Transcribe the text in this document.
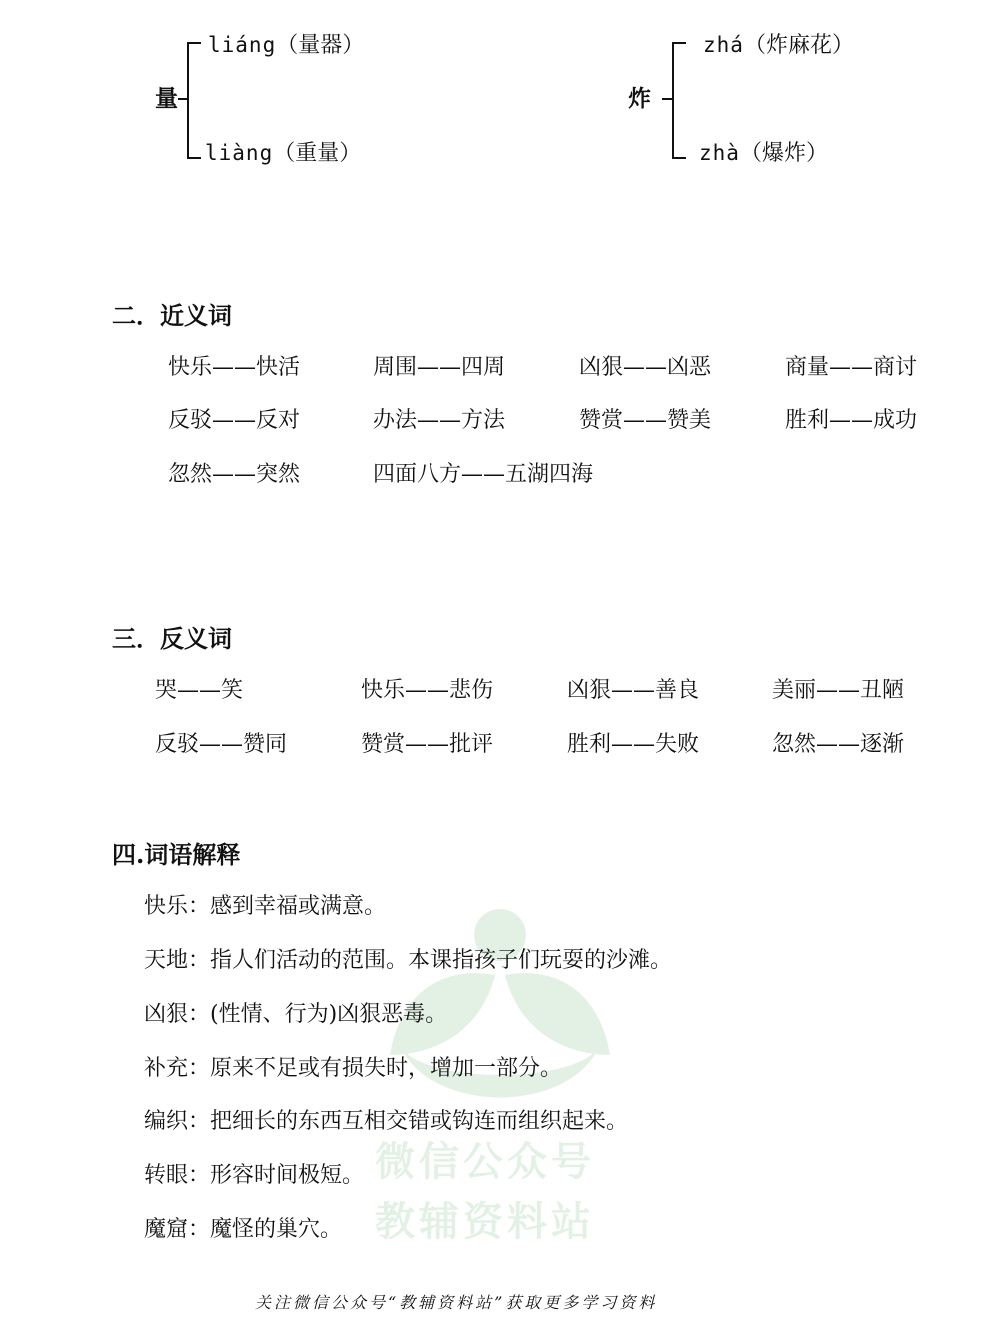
微信公众号
教辅资料站
量
liáng（量器）
liàng（重量）
炸
zhá（炸麻花）
zhà（爆炸）
二．近义词
快乐——快活	周围——四周	凶狠——凶恶	商量——商讨
反驳——反对	办法——方法	赞赏——赞美	胜利——成功
忽然——突然	四面八方——五湖四海
三．反义词
哭——笑	快乐——悲伤	凶狠——善良	美丽——丑陋
反驳——赞同	赞赏——批评	胜利——失败	忽然——逐渐
四.词语解释
快乐：感到幸福或满意。
天地：指人们活动的范围。本课指孩子们玩耍的沙滩。
凶狠：(性情、行为)凶狠恶毒。
补充：原来不足或有损失时，增加一部分。
编织：把细长的东西互相交错或钩连而组织起来。
转眼：形容时间极短。
魔窟：魔怪的巢穴。
关注微信公众号“教辅资料站”获取更多学习资料
